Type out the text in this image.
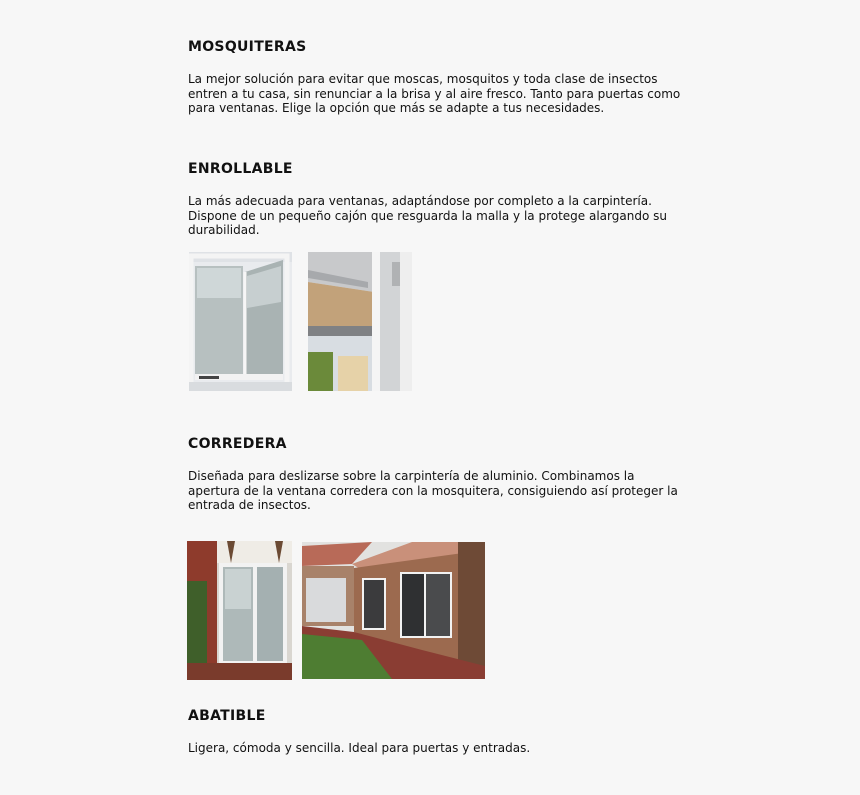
MOSQUITERAS

La mejor solución para evitar que moscas, mosquitos y toda clase de insectos entren a tu casa, sin renunciar a la brisa y al aire fresco. Tanto para puertas como para ventanas. Elige la opción que más se adapte a tus necesidades.

ENROLLABLE

La más adecuada para ventanas, adaptándose por completo a la carpintería. Dispone de un pequeño cajón que resguarda la malla y la protege alargando su durabilidad.

CORREDERA

Diseñada para deslizarse sobre la carpintería de aluminio. Combinamos la apertura de la ventana corredera con la mosquitera, consiguiendo así proteger la entrada de insectos.

ABATIBLE

Ligera, cómoda y sencilla. Ideal para puertas y entradas.
